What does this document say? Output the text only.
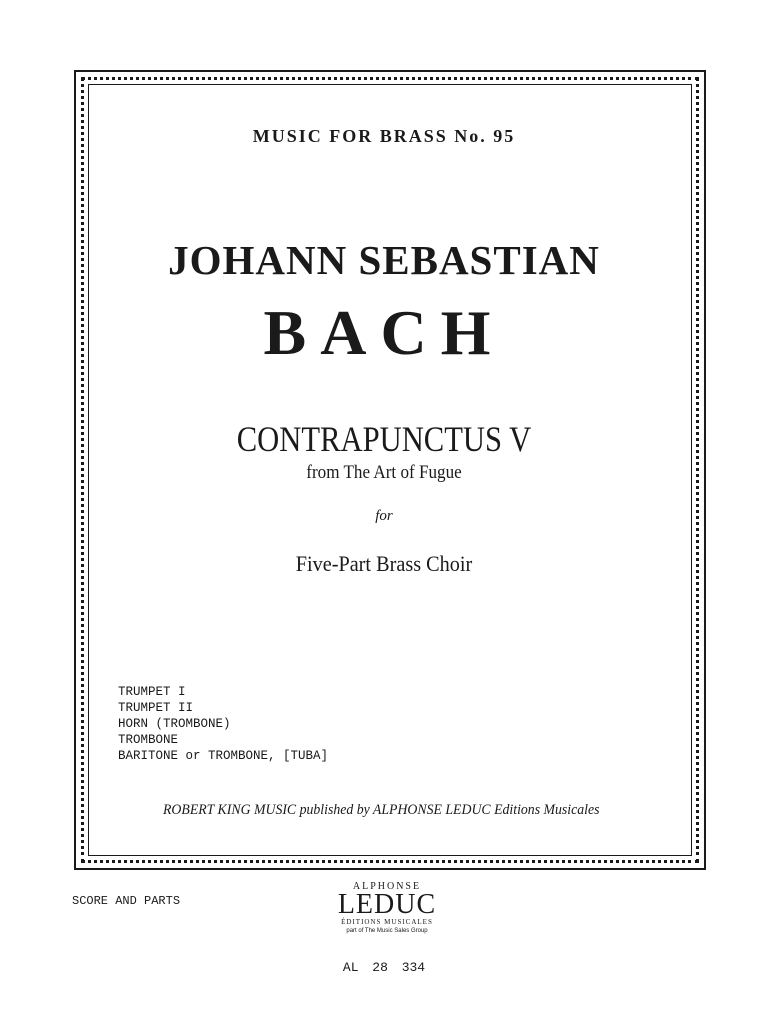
MUSIC FOR BRASS No. 95
JOHANN SEBASTIAN
BACH
CONTRAPUNCTUS V
from The Art of Fugue
for
Five-Part Brass Choir
TRUMPET I
TRUMPET II
HORN (TROMBONE)
TROMBONE
BARITONE or TROMBONE, [TUBA]
ROBERT KING MUSIC published by ALPHONSE LEDUC Editions Musicales
SCORE AND PARTS
ALPHONSE
LEDUC
ÉDITIONS MUSICALES
part of The Music Sales Group
AL 28 334
